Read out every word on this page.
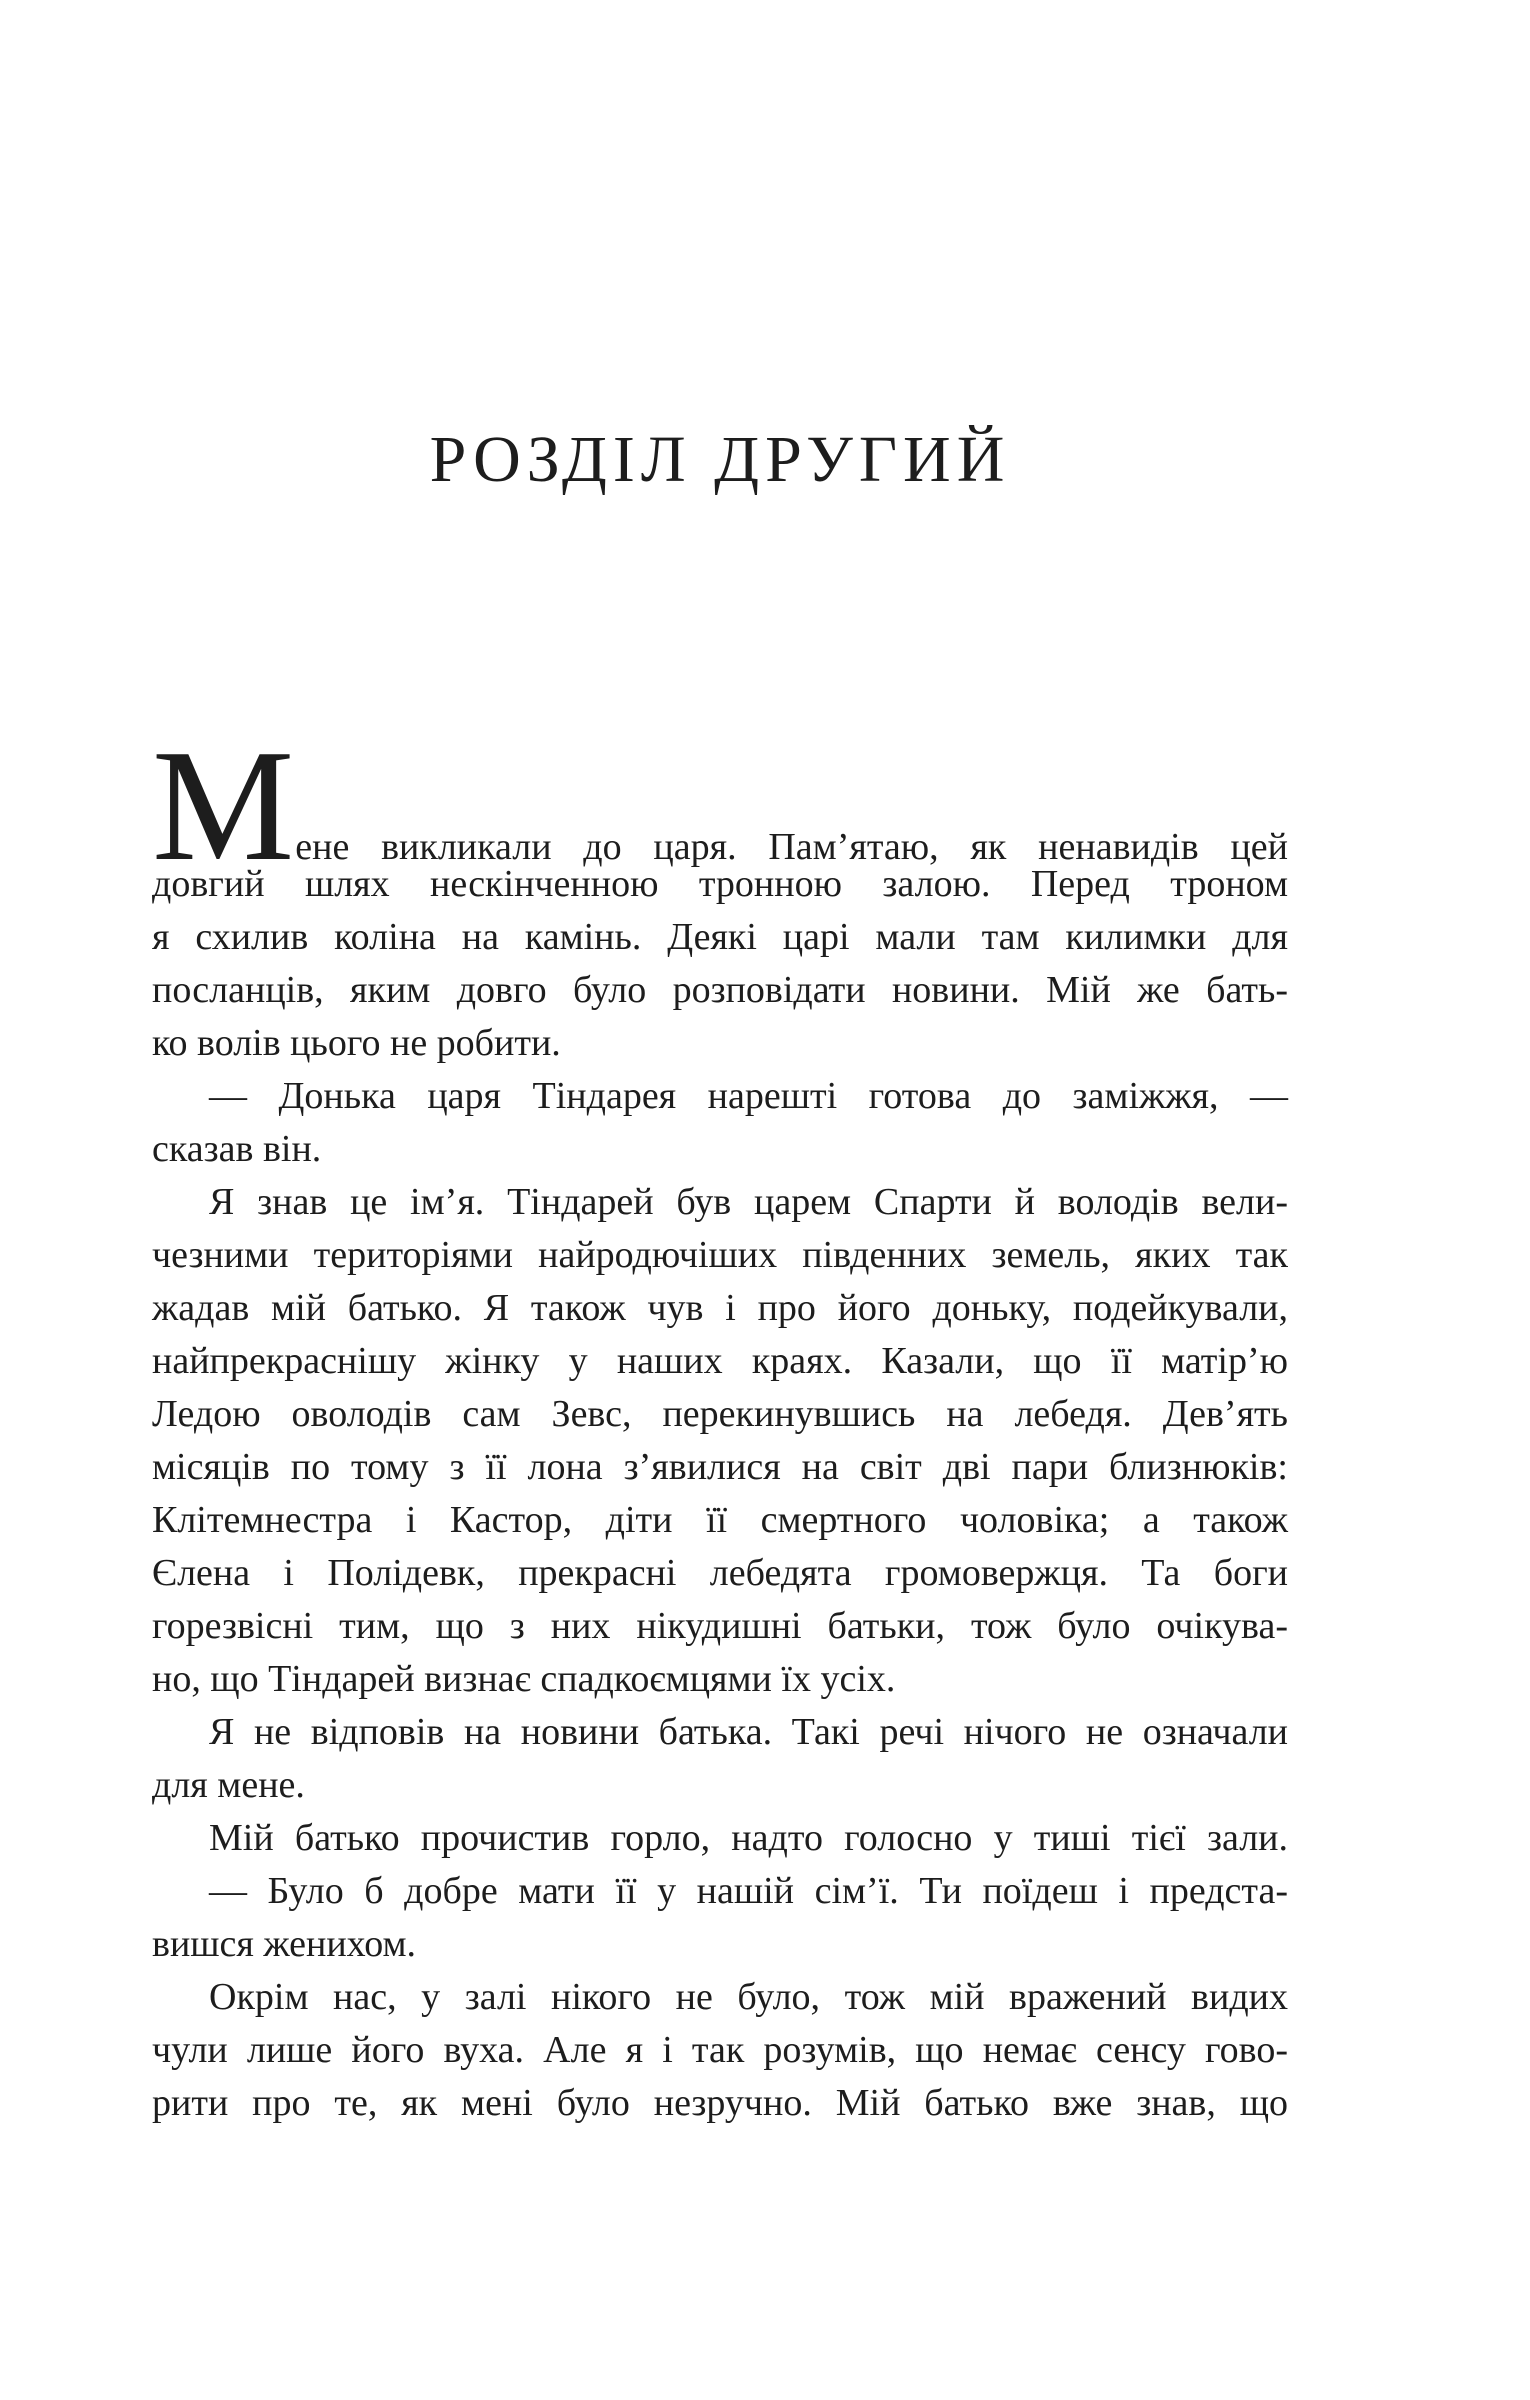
РОЗДІЛ ДРУГИЙ
Мене викликали до царя. Пам’ятаю, як ненавидів цей
довгий шлях нескінченною тронною залою. Перед троном
я схилив коліна на камінь. Деякі царі мали там килимки для
посланців, яким довго було розповідати новини. Мій же бать-
ко волів цього не робити.
— Донька царя Тіндарея нарешті готова до заміжжя, —
сказав він.
Я знав це ім’я. Тіндарей був царем Спарти й володів вели-
чезними територіями найродючіших південних земель, яких так
жадав мій батько. Я також чув і про його доньку, подейкували,
найпрекраснішу жінку у наших краях. Казали, що її матір’ю
Ледою оволодів сам Зевс, перекинувшись на лебедя. Дев’ять
місяців по тому з її лона з’явилися на світ дві пари близнюків:
Клітемнестра і Кастор, діти її смертного чоловіка; а також
Єлена і Полідевк, прекрасні лебедята громовержця. Та боги
горезвісні тим, що з них нікудишні батьки, тож було очікува-
но, що Тіндарей визнає спадкоємцями їх усіх.
Я не відповів на новини батька. Такі речі нічого не означали
для мене.
Мій батько прочистив горло, надто голосно у тиші тієї зали.
— Було б добре мати її у нашій сім’ї. Ти поїдеш і предста-
вишся женихом.
Окрім нас, у залі нікого не було, тож мій вражений видих
чули лише його вуха. Але я і так розумів, що немає сенсу гово-
рити про те, як мені було незручно. Мій батько вже знав, що
